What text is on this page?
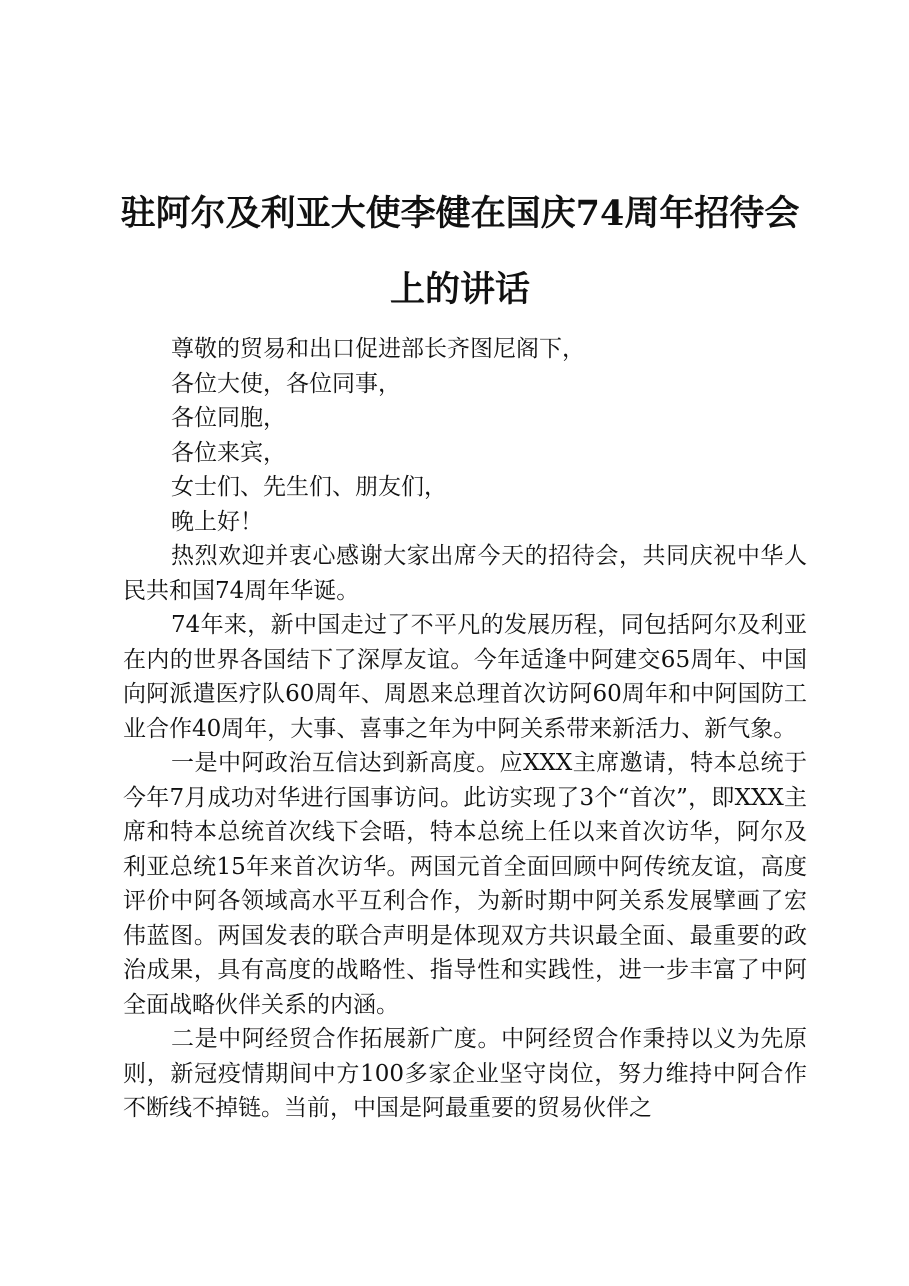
驻阿尔及利亚大使李健在国庆74周年招待会
上的讲话

尊敬的贸易和出口促进部长齐图尼阁下，

各位大使，各位同事，

各位同胞，

各位来宾，

女士们、先生们、朋友们，

晚上好！

热烈欢迎并衷心感谢大家出席今天的招待会，共同庆祝中华人民共和国74周年华诞。

74年来，新中国走过了不平凡的发展历程，同包括阿尔及利亚在内的世界各国结下了深厚友谊。今年适逢中阿建交65周年、中国向阿派遣医疗队60周年、周恩来总理首次访阿60周年和中阿国防工业合作40周年，大事、喜事之年为中阿关系带来新活力、新气象。

一是中阿政治互信达到新高度。应XXX主席邀请，特本总统于今年7月成功对华进行国事访问。此访实现了3个“首次”，即XXX主席和特本总统首次线下会晤，特本总统上任以来首次访华，阿尔及利亚总统15年来首次访华。两国元首全面回顾中阿传统友谊，高度评价中阿各领域高水平互利合作，为新时期中阿关系发展擘画了宏伟蓝图。两国发表的联合声明是体现双方共识最全面、最重要的政治成果，具有高度的战略性、指导性和实践性，进一步丰富了中阿全面战略伙伴关系的内涵。

二是中阿经贸合作拓展新广度。中阿经贸合作秉持以义为先原则，新冠疫情期间中方100多家企业坚守岗位，努力维持中阿合作不断线不掉链。当前，中国是阿最重要的贸易伙伴之
